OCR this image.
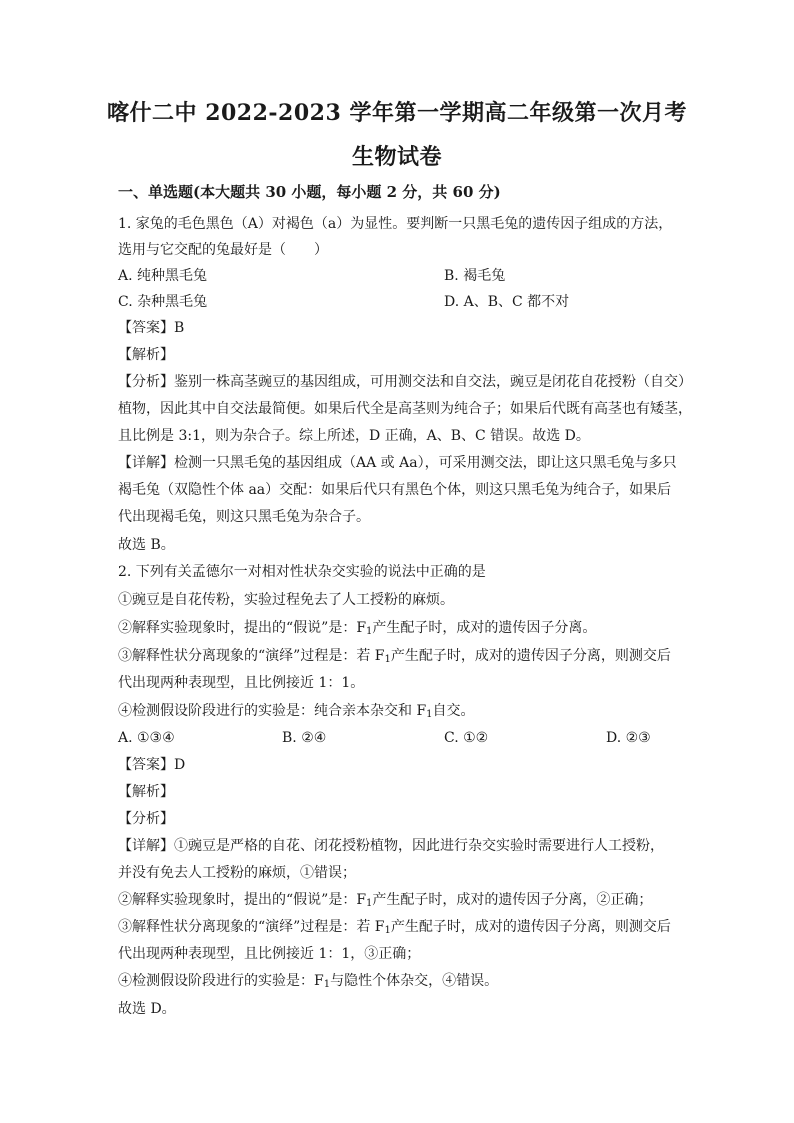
喀什二中 2022-2023 学年第一学期高二年级第一次月考
生物试卷
一、单选题(本大题共 30 小题，每小题 2 分，共 60 分)
1. 家兔的毛色黑色（A）对褐色（a）为显性。要判断一只黑毛兔的遗传因子组成的方法，
选用与它交配的兔最好是（　　）
A. 纯种黑毛兔	B. 褐毛兔
C. 杂种黑毛兔	D. A、B、C 都不对
【答案】B
【解析】
【分析】鉴别一株高茎豌豆的基因组成，可用测交法和自交法，豌豆是闭花自花授粉（自交）
植物，因此其中自交法最简便。如果后代全是高茎则为纯合子；如果后代既有高茎也有矮茎，
且比例是 3:1，则为杂合子。综上所述，D 正确，A、B、C 错误。故选 D。
【详解】检测一只黑毛兔的基因组成（AA 或 Aa），可采用测交法，即让这只黑毛兔与多只
褐毛兔（双隐性个体 aa）交配：如果后代只有黑色个体，则这只黑毛兔为纯合子，如果后
代出现褐毛兔，则这只黑毛兔为杂合子。
故选 B。
2. 下列有关孟德尔一对相对性状杂交实验的说法中正确的是
①豌豆是自花传粉，实验过程免去了人工授粉的麻烦。
②解释实验现象时，提出的“假说”是：$F_1$产生配子时，成对的遗传因子分离。
③解释性状分离现象的“演绎”过程是：若 $F_1$产生配子时，成对的遗传因子分离，则测交后
代出现两种表现型，且比例接近 1：1。
④检测假设阶段进行的实验是：纯合亲本杂交和 $F_1$自交。
A. ①③④	B. ②④	C. ①②	D. ②③
【答案】D
【解析】
【分析】
【详解】①豌豆是严格的自花、闭花授粉植物，因此进行杂交实验时需要进行人工授粉，
并没有免去人工授粉的麻烦，①错误；
②解释实验现象时，提出的“假说”是：$F_1$产生配子时，成对的遗传因子分离，②正确；
③解释性状分离现象的“演绎”过程是：若 $F_1$产生配子时，成对的遗传因子分离，则测交后
代出现两种表现型，且比例接近 1：1，③正确；
④检测假设阶段进行的实验是：$F_1$与隐性个体杂交，④错误。
故选 D。
